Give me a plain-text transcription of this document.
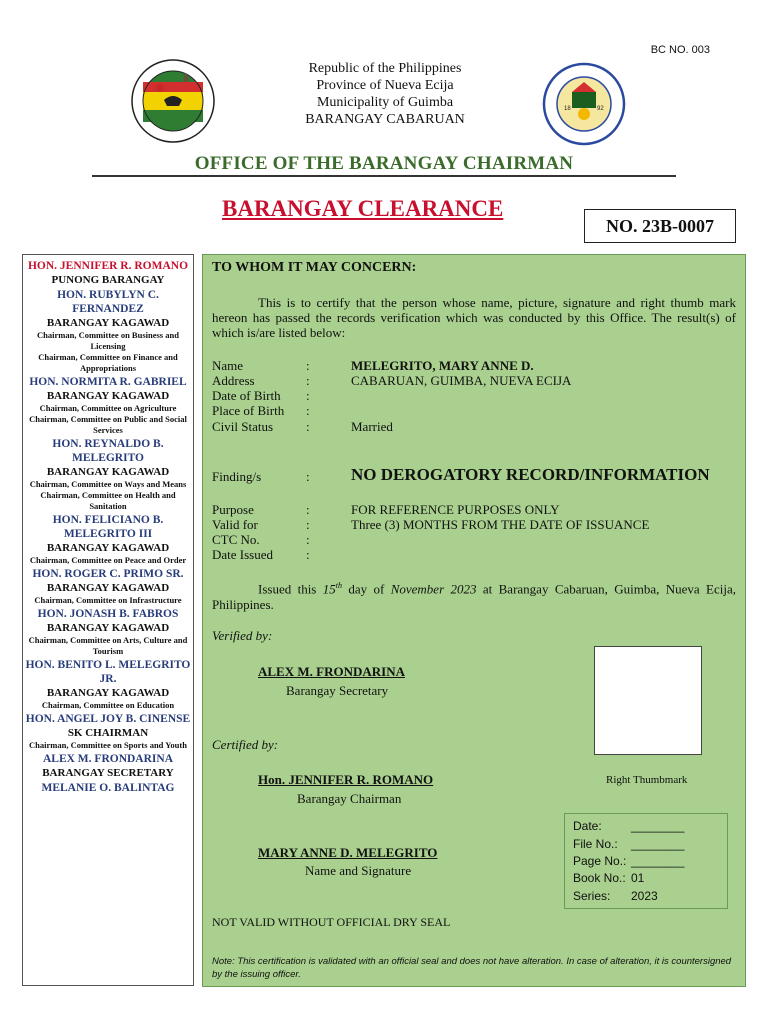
BC NO. 003
Republic of the Philippines
Province of Nueva Ecija
Municipality of Guimba
BARANGAY CABARUAN
18	92
OFFICE OF THE BARANGAY CHAIRMAN
BARANGAY CLEARANCE
NO. 23B-0007
HON. JENNIFER R. ROMANO
PUNONG BARANGAY
HON. RUBYLYN C. FERNANDEZ
BARANGAY KAGAWAD
Chairman, Committee on Business and Licensing
Chairman, Committee on Finance and Appropriations
HON. NORMITA R. GABRIEL
BARANGAY KAGAWAD
Chairman, Committee on Agriculture
Chairman, Committee on Public and Social Services
HON. REYNALDO B. MELEGRITO
BARANGAY KAGAWAD
Chairman, Committee on Ways and Means
Chairman, Committee on Health and Sanitation
HON. FELICIANO B. MELEGRITO III
BARANGAY KAGAWAD
Chairman, Committee on Peace and Order
HON. ROGER C. PRIMO SR.
BARANGAY KAGAWAD
Chairman, Committee on Infrastructure
HON. JONASH B. FABROS
BARANGAY KAGAWAD
Chairman, Committee on Arts, Culture and Tourism
HON. BENITO L. MELEGRITO JR.
BARANGAY KAGAWAD
Chairman, Committee on Education
HON. ANGEL JOY B. CINENSE
SK CHAIRMAN
Chairman, Committee on Sports and Youth
ALEX M. FRONDARINA
BARANGAY SECRETARY
MELANIE O. BALINTAG
TO WHOM IT MAY CONCERN:
This is to certify that the person whose name, picture, signature and right thumb mark hereon has passed the records verification which was conducted by this Office. The result(s) of which is/are listed below:
Name	:	MELEGRITO, MARY ANNE D.
Address	:	CABARUAN, GUIMBA, NUEVA ECIJA
Date of Birth :
Place of Birth :
Civil Status	:	Married
Finding/s	: NO DEROGATORY RECORD/INFORMATION
Purpose	:	FOR REFERENCE PURPOSES ONLY
Valid for	:	Three (3) MONTHS FROM THE DATE OF ISSUANCE
CTC No.	:
Date Issued	:
Issued this 15th day of November 2023 at Barangay Cabaruan, Guimba, Nueva Ecija, Philippines.
Verified by:
ALEX M. FRONDARINA
Barangay Secretary
Certified by:
Hon. JENNIFER R. ROMANO
Barangay Chairman
MARY ANNE D. MELEGRITO
Name and Signature
Right Thumbmark
Date: ________
File No.: ________
Page No.: ________
Book No.: 01
Series: 2023
NOT VALID WITHOUT OFFICIAL DRY SEAL
Note: This certification is validated with an official seal and does not have alteration. In case of alteration, it is countersigned by the issuing officer.
